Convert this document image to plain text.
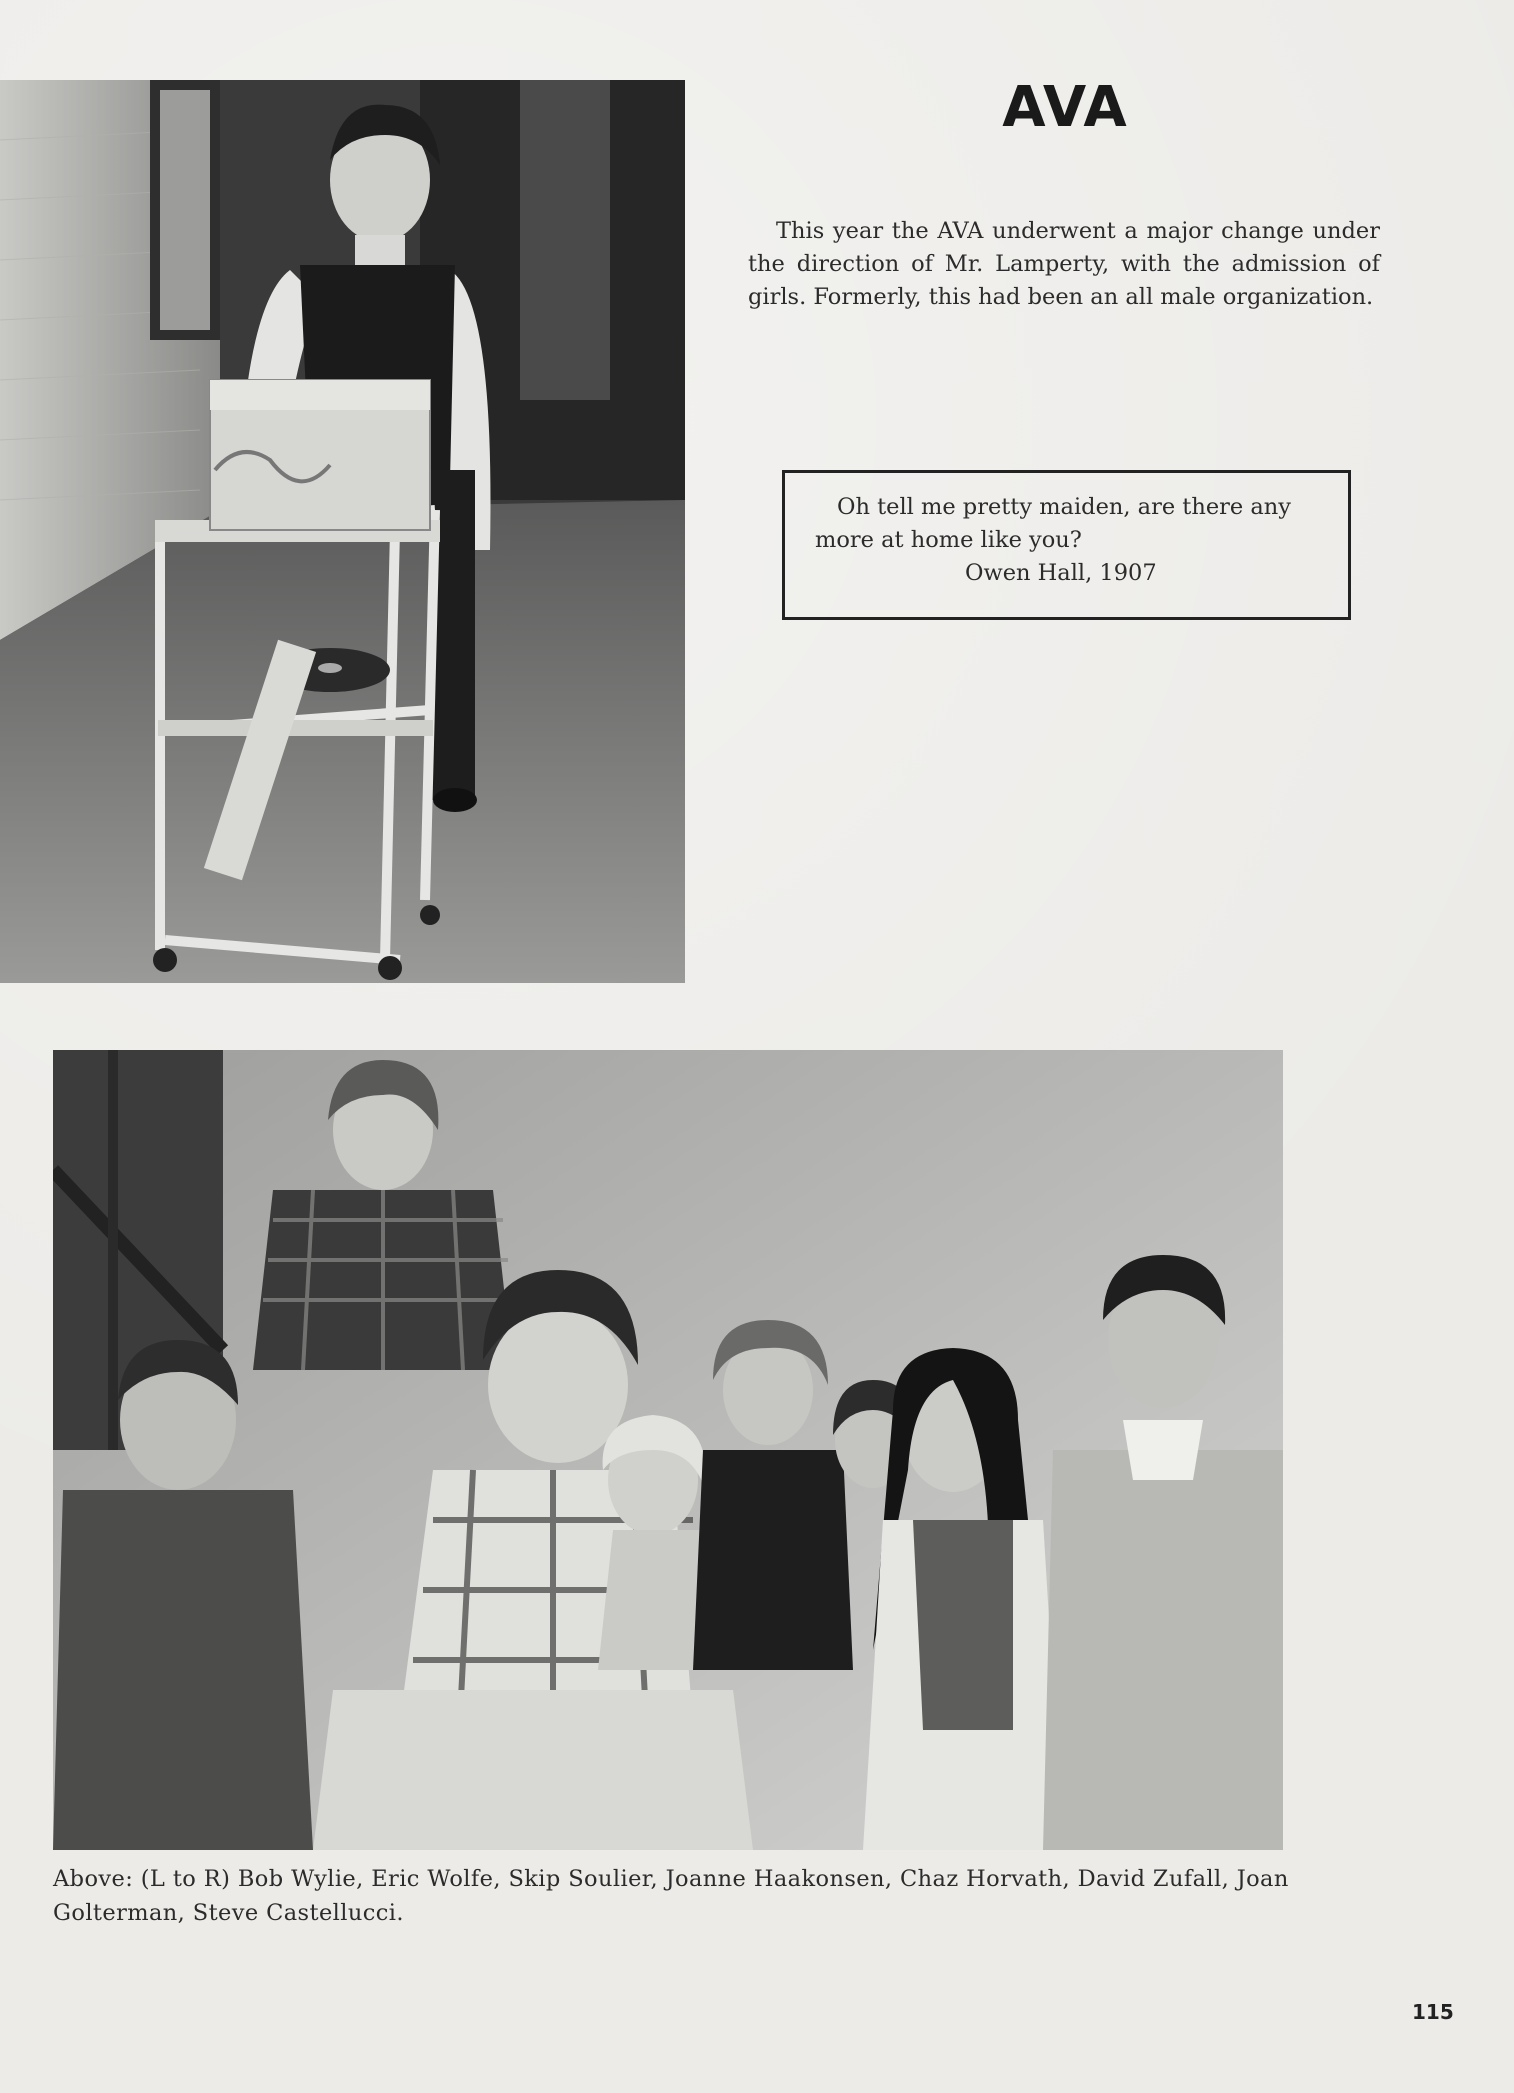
AVA

This year the AVA underwent a major change under the direction of Mr. Lamperty, with the admission of girls. Formerly, this had been an all male organization.

Oh tell me pretty maiden, are there any
more at home like you?
Owen Hall, 1907
Above: (L to R) Bob Wylie, Eric Wolfe, Skip Soulier, Joanne Haakonsen, Chaz Horvath, David Zufall, Joan Golterman, Steve Castellucci.
115
